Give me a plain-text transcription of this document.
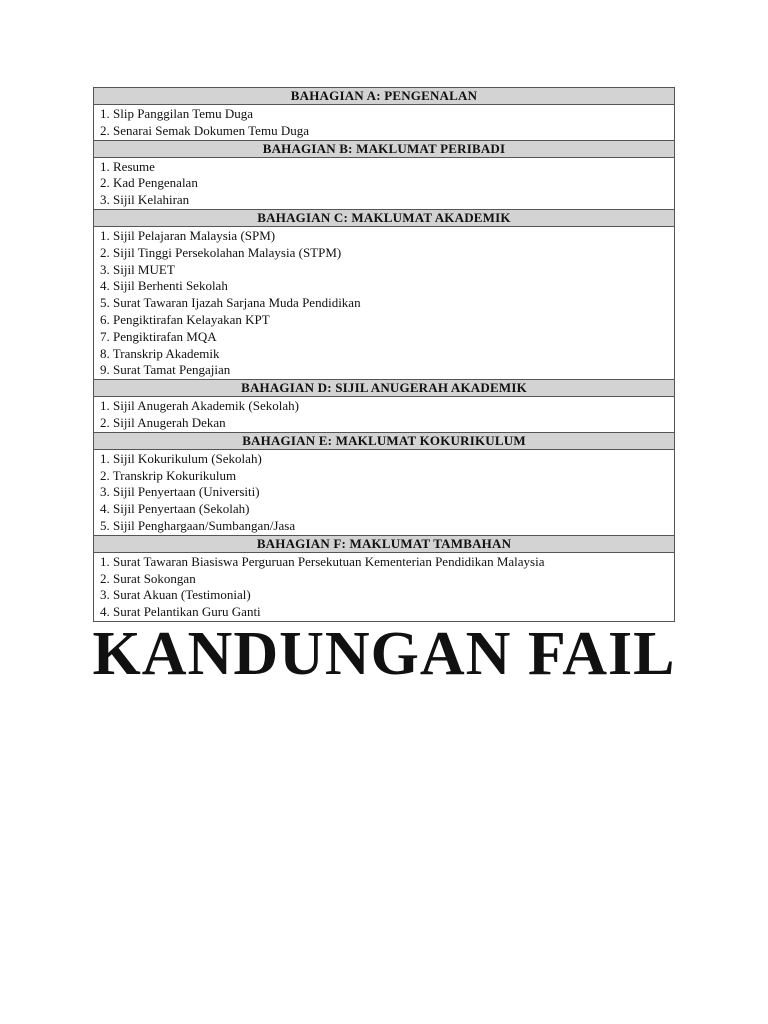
BAHAGIAN A: PENGENALAN

1. Slip Panggilan Temu Duga
2. Senarai Semak Dokumen Temu Duga

BAHAGIAN B: MAKLUMAT PERIBADI

1. Resume
2. Kad Pengenalan
3. Sijil Kelahiran

BAHAGIAN C: MAKLUMAT AKADEMIK

1. Sijil Pelajaran Malaysia (SPM)
2. Sijil Tinggi Persekolahan Malaysia (STPM)
3. Sijil MUET
4. Sijil Berhenti Sekolah
5. Surat Tawaran Ijazah Sarjana Muda Pendidikan
6. Pengiktirafan Kelayakan KPT
7. Pengiktirafan MQA
8. Transkrip Akademik
9. Surat Tamat Pengajian

BAHAGIAN D: SIJIL ANUGERAH AKADEMIK

1. Sijil Anugerah Akademik (Sekolah)
2. Sijil Anugerah Dekan

BAHAGIAN E: MAKLUMAT KOKURIKULUM

1. Sijil Kokurikulum (Sekolah)
2. Transkrip Kokurikulum
3. Sijil Penyertaan (Universiti)
4. Sijil Penyertaan (Sekolah)
5. Sijil Penghargaan/Sumbangan/Jasa

BAHAGIAN F: MAKLUMAT TAMBAHAN

1. Surat Tawaran Biasiswa Perguruan Persekutuan Kementerian Pendidikan Malaysia
2. Surat Sokongan
3. Surat Akuan (Testimonial)
4. Surat Pelantikan Guru Ganti
KANDUNGAN FAIL
